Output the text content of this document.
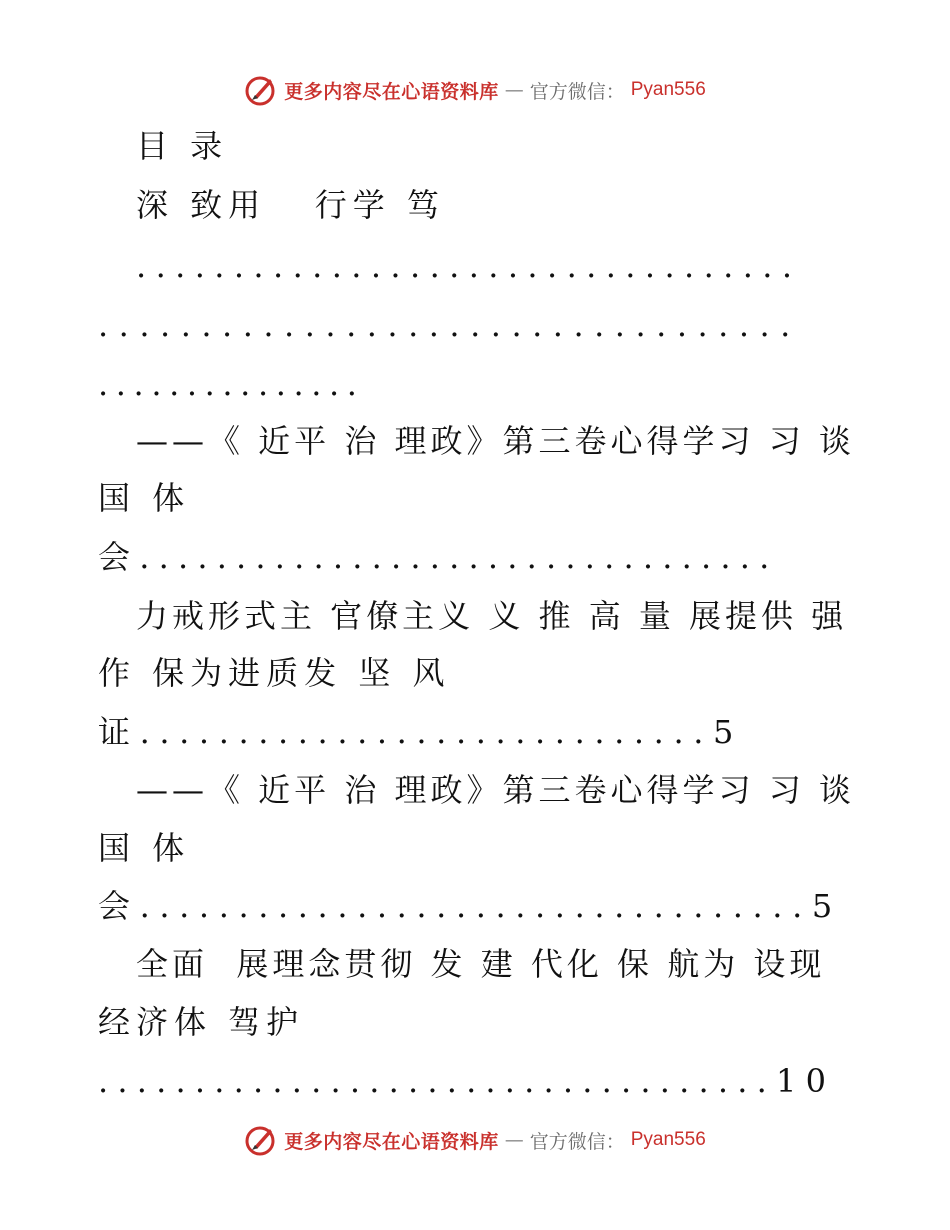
更多内容尽在心语资料库 — 官方微信： Pyan556
目 录
深 致用   行学 笃
..................................
..................................
...............
——《 近平 治 理政》第三卷心得学习 习 谈
国 体
会.................................
力戒形式主 官僚主义 义 推 高 量 展提供 强
作 保为进质发 坚 风
证.............................5
——《 近平 治 理政》第三卷心得学习 习 谈
国 体
会..................................5
全面  展理念贯彻 发 建 代化 保 航为 设现
经济体 驾护
...................................10
更多内容尽在心语资料库 — 官方微信： Pyan556
